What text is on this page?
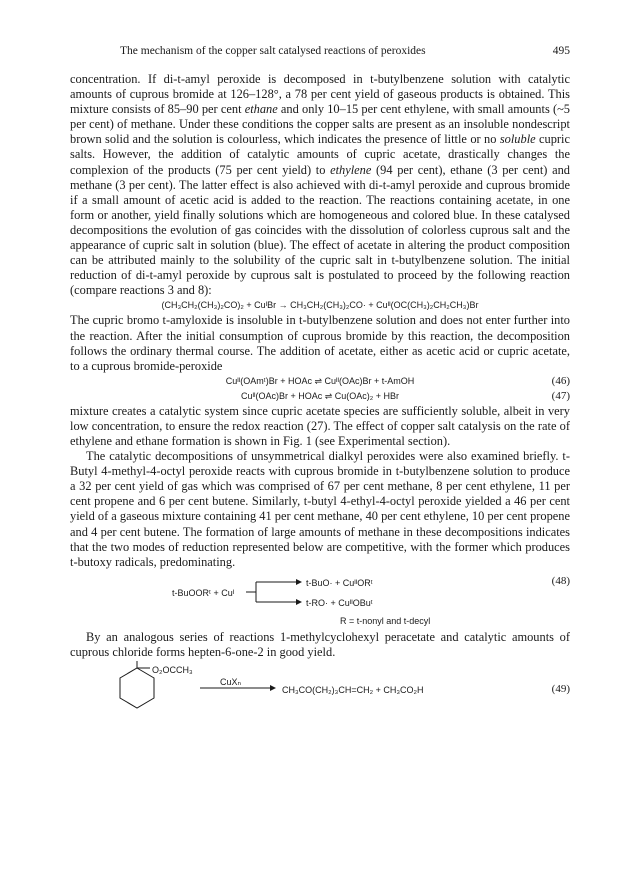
The mechanism of the copper salt catalysed reactions of peroxides	495

concentration. If di-t-amyl peroxide is decomposed in t-butylbenzene solution with catalytic amounts of cuprous bromide at 126–128°, a 78 per cent yield of gaseous products is obtained. This mixture consists of 85–90 per cent ethane and only 10–15 per cent ethylene, with small amounts (~5 per cent) of methane. Under these conditions the copper salts are present as an insoluble nondescript brown solid and the solution is colourless, which indicates the presence of little or no soluble cupric salts. However, the addition of catalytic amounts of cupric acetate, drastically changes the complexion of the products (75 per cent yield) to ethylene (94 per cent), ethane (3 per cent) and methane (3 per cent). The latter effect is also achieved with di-t-amyl peroxide and cuprous bromide if a small amount of acetic acid is added to the reaction. The reactions containing acetate, in one form or another, yield finally solutions which are homogeneous and colored blue. In these catalysed decompositions the evolution of gas coincides with the dissolution of colorless cuprous salt and the appearance of cupric salt in solution (blue). The effect of acetate in altering the product composition can be attributed mainly to the solubility of the cupric salt in t-butylbenzene solution. The initial reduction of di-t-amyl peroxide by cuprous salt is postulated to proceed by the following reaction (compare reactions 3 and 8):

(CH₃CH₂(CH₃)₂CO)₂ + CuᴵBr → CH₃CH₂(CH₃)₂CO· + Cuᴵᴵ(OC(CH₃)₂CH₂CH₃)Br

The cupric bromo t-amyloxide is insoluble in t-butylbenzene solution and does not enter further into the reaction. After the initial consumption of cuprous bromide by this reaction, the decomposition follows the ordinary thermal course. The addition of acetate, either as acetic acid or cupric acetate, to a cuprous bromide-peroxide

Cuᴵᴵ(OAmᵗ)Br + HOAc ⇌ Cuᴵᴵ(OAc)Br + t-AmOH	(46)
Cuᴵᴵ(OAc)Br + HOAc ⇌ Cu(OAc)₂ + HBr	(47)

mixture creates a catalytic system since cupric acetate species are sufficiently soluble, albeit in very low concentration, to ensure the redox reaction (27). The effect of copper salt catalysis on the rate of ethylene and ethane formation is shown in Fig. 1 (see Experimental section).

The catalytic decompositions of unsymmetrical dialkyl peroxides were also examined briefly. t-Butyl 4-methyl-4-octyl peroxide reacts with cuprous bromide in t-butylbenzene solution to produce a 32 per cent yield of gas which was comprised of 67 per cent methane, 8 per cent ethylene, 11 per cent propene and 6 per cent butene. Similarly, t-butyl 4-ethyl-4-octyl peroxide yielded a 46 per cent yield of a gaseous mixture containing 41 per cent methane, 40 per cent ethylene, 10 per cent propene and 4 per cent butene. The formation of large amounts of methane in these decompositions indicates that the two modes of reduction represented below are competitive, with the former which produces t-butoxy radicals, predominating.

t-BuOORᵗ + Cuᴵ
t-BuO· + CuᴵᴵORᵗ
t-RO· + CuᴵᴵOBuᵗ
R = t-nonyl and t-decyl
(48)

By an analogous series of reactions 1-methylcyclohexyl peracetate and catalytic amounts of cuprous chloride forms hepten-6-one-2 in good yield.

O₂OCCH₃
CuXₙ
CH₃CO(CH₂)₃CH=CH₂ + CH₃CO₂H	(49)
